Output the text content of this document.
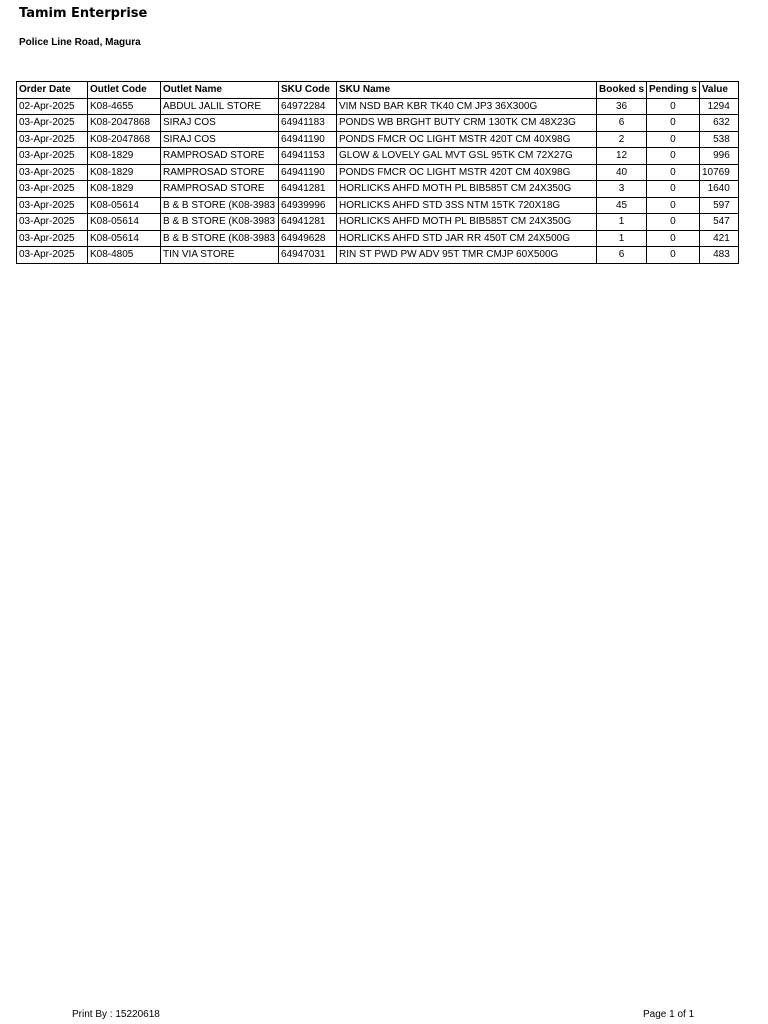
Tamim Enterprise
Police Line Road, Magura
Order Date	Outlet Code	Outlet Name	SKU Code	SKU Name	Booked s	Pending s	Value
02-Apr-2025	K08-4655	ABDUL JALIL STORE	64972284	VIM NSD BAR KBR TK40 CM JP3 36X300G	36	0	1294
03-Apr-2025	K08-2047868	SIRAJ COS	64941183	PONDS WB BRGHT BUTY CRM 130TK CM 48X23G	6	0	632
03-Apr-2025	K08-2047868	SIRAJ COS	64941190	PONDS FMCR OC LIGHT MSTR 420T CM 40X98G	2	0	538
03-Apr-2025	K08-1829	RAMPROSAD STORE	64941153	GLOW & LOVELY GAL MVT GSL 95TK CM 72X27G	12	0	996
03-Apr-2025	K08-1829	RAMPROSAD STORE	64941190	PONDS FMCR OC LIGHT MSTR 420T CM 40X98G	40	0	10769
03-Apr-2025	K08-1829	RAMPROSAD STORE	64941281	HORLICKS AHFD MOTH PL BIB585T CM 24X350G	3	0	1640
03-Apr-2025	K08-05614	B & B STORE (K08-3983	64939996	HORLICKS AHFD STD 3SS NTM 15TK 720X18G	45	0	597
03-Apr-2025	K08-05614	B & B STORE (K08-3983	64941281	HORLICKS AHFD MOTH PL BIB585T CM 24X350G	1	0	547
03-Apr-2025	K08-05614	B & B STORE (K08-3983	64949628	HORLICKS AHFD STD JAR RR 450T CM 24X500G	1	0	421
03-Apr-2025	K08-4805	TIN VIA STORE	64947031	RIN ST PWD PW ADV 95T TMR CMJP 60X500G	6	0	483
Print By : 15220618	Page 1 of 1
